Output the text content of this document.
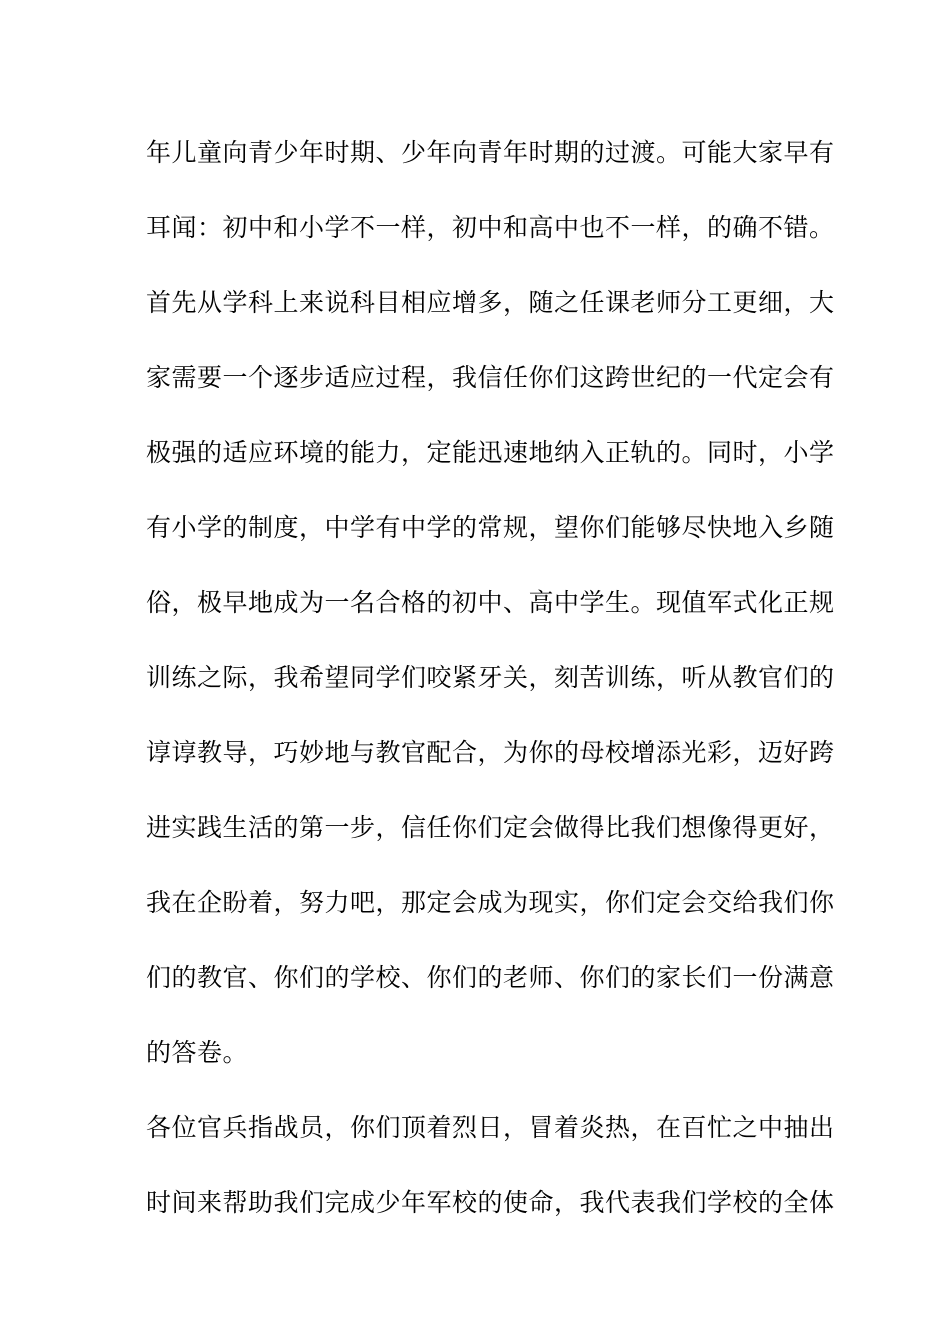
年儿童向青少年时期、少年向青年时期的过渡。可能大家早有
耳闻：初中和小学不一样，初中和高中也不一样，的确不错。
首先从学科上来说科目相应增多，随之任课老师分工更细，大
家需要一个逐步适应过程，我信任你们这跨世纪的一代定会有
极强的适应环境的能力，定能迅速地纳入正轨的。同时，小学
有小学的制度，中学有中学的常规，望你们能够尽快地入乡随
俗，极早地成为一名合格的初中、高中学生。现值军式化正规
训练之际，我希望同学们咬紧牙关，刻苦训练，听从教官们的
谆谆教导，巧妙地与教官配合，为你的母校增添光彩，迈好跨
进实践生活的第一步，信任你们定会做得比我们想像得更好，
我在企盼着，努力吧，那定会成为现实，你们定会交给我们你
们的教官、你们的学校、你们的老师、你们的家长们一份满意
的答卷。
各位官兵指战员，你们顶着烈日，冒着炎热，在百忙之中抽出
时间来帮助我们完成少年军校的使命，我代表我们学校的全体
